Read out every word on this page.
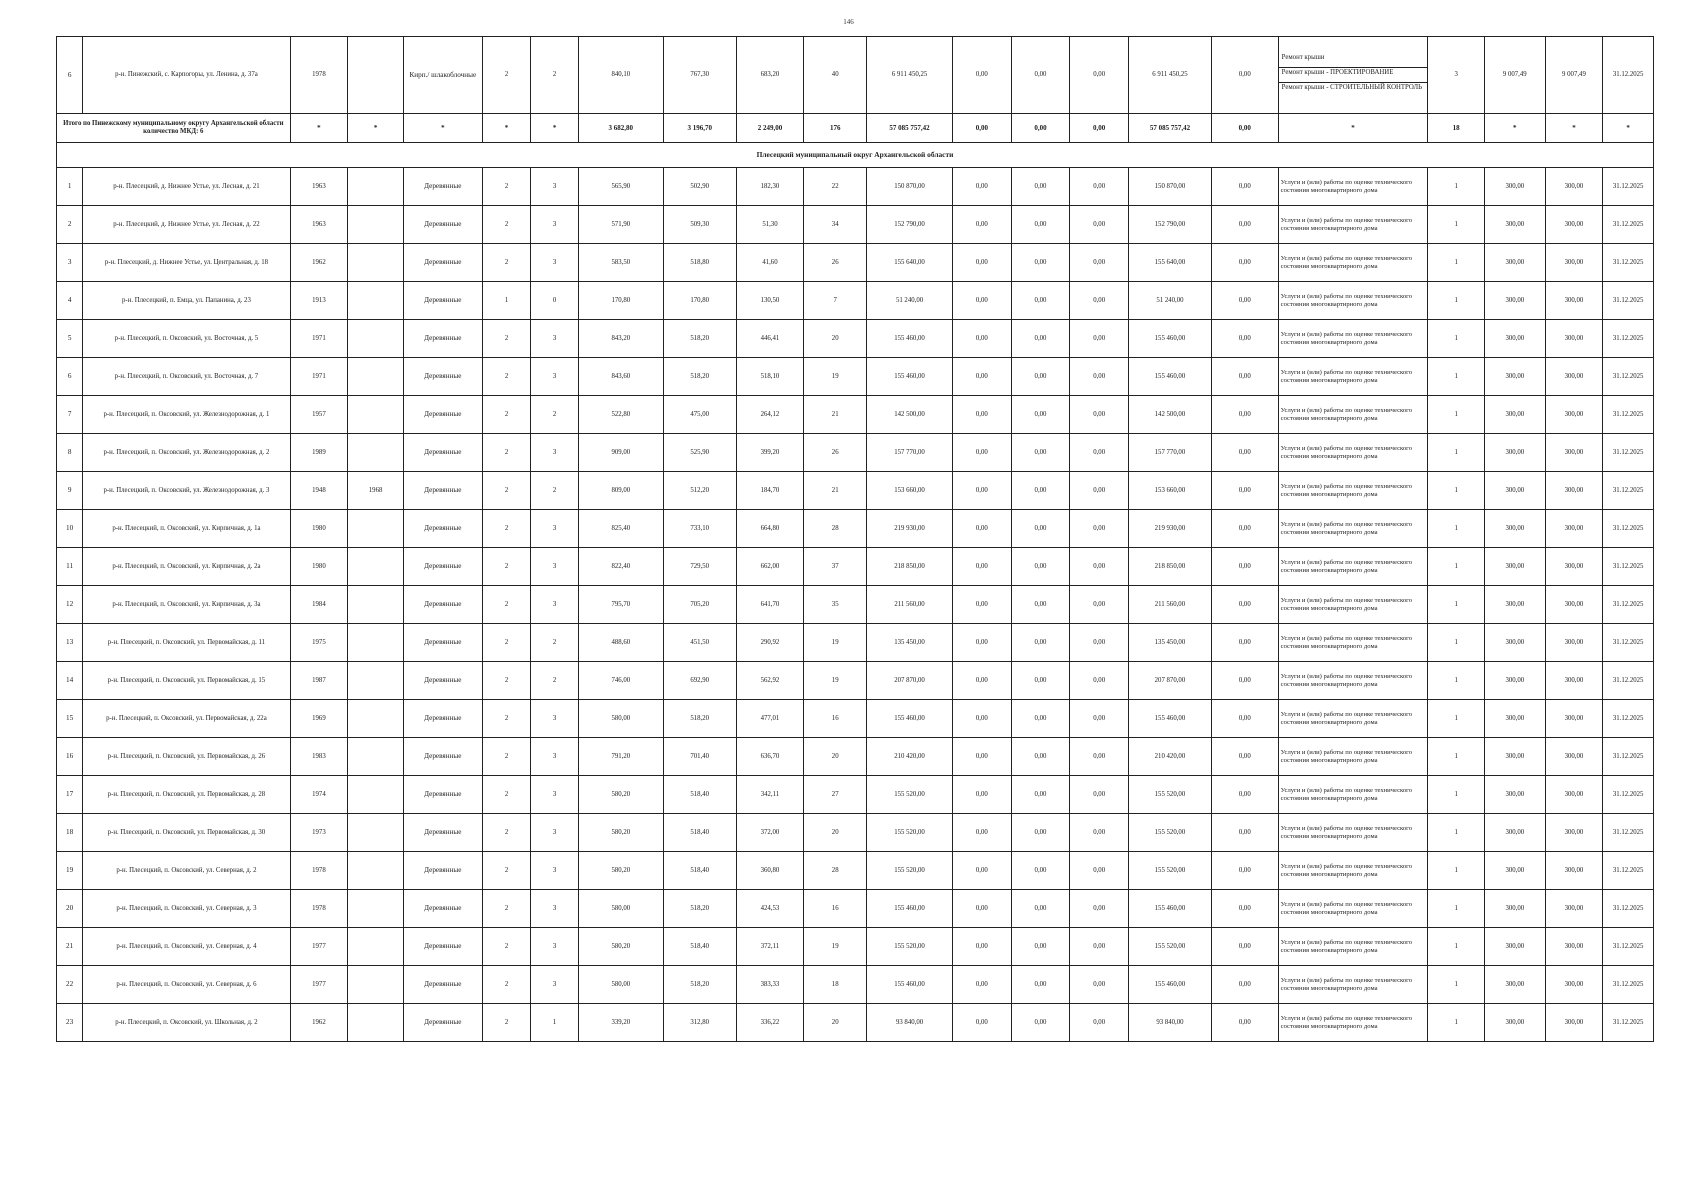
146
6	р-н. Пинежский, с. Карпогоры, ул. Ленина, д. 37а	1978		Кирп./ шлакоблочные	2	2	840,10	767,30	683,20	40	6 911 450,25	0,00	0,00	0,00	6 911 450,25	0,00	Ремонт крыши
Ремонт крыши - ПРОЕКТИРОВАНИЕ
Ремонт крыши - СТРОИТЕЛЬНЫЙ КОНТРОЛЬ	3	9 007,49	9 007,49	31.12.2025
Итого по Пинежскому муниципальному округу Архангельской области количество МКД: 6		*	*	*	*	*	3 682,80	3 196,70	2 249,00	176	57 085 757,42	0,00	0,00	0,00	57 085 757,42	0,00	*	18	*	*	*
Плесецкий муниципальный округ Архангельской области																					
1	р-н. Плесецкий, д. Нижнее Устье, ул. Лесная, д. 21	1963		Деревянные	2	3	565,90	502,90	182,30	22	150 870,00	0,00	0,00	0,00	150 870,00	0,00	Услуги и (или) работы по оценке технического состояния многоквартирного дома	1	300,00	300,00	31.12.2025
2	р-н. Плесецкий, д. Нижнее Устье, ул. Лесная, д. 22	1963		Деревянные	2	3	571,90	509,30	51,30	34	152 790,00	0,00	0,00	0,00	152 790,00	0,00	Услуги и (или) работы по оценке технического состояния многоквартирного дома	1	300,00	300,00	31.12.2025
3	р-н. Плесецкий, д. Нижнее Устье, ул. Центральная, д. 18	1962		Деревянные	2	3	583,50	518,80	41,60	26	155 640,00	0,00	0,00	0,00	155 640,00	0,00	Услуги и (или) работы по оценке технического состояния многоквартирного дома	1	300,00	300,00	31.12.2025
4	р-н. Плесецкий, п. Емца, ул. Папанина, д. 23	1913		Деревянные	1	0	170,80	170,80	130,50	7	51 240,00	0,00	0,00	0,00	51 240,00	0,00	Услуги и (или) работы по оценке технического состояния многоквартирного дома	1	300,00	300,00	31.12.2025
5	р-н. Плесецкий, п. Оксовский, ул. Восточная, д. 5	1971		Деревянные	2	3	843,20	518,20	446,41	20	155 460,00	0,00	0,00	0,00	155 460,00	0,00	Услуги и (или) работы по оценке технического состояния многоквартирного дома	1	300,00	300,00	31.12.2025
6	р-н. Плесецкий, п. Оксовский, ул. Восточная, д. 7	1971		Деревянные	2	3	843,60	518,20	518,10	19	155 460,00	0,00	0,00	0,00	155 460,00	0,00	Услуги и (или) работы по оценке технического состояния многоквартирного дома	1	300,00	300,00	31.12.2025
7	р-н. Плесецкий, п. Оксовский, ул. Железнодорожная, д. 1	1957		Деревянные	2	2	522,80	475,00	264,12	21	142 500,00	0,00	0,00	0,00	142 500,00	0,00	Услуги и (или) работы по оценке технического состояния многоквартирного дома	1	300,00	300,00	31.12.2025
8	р-н. Плесецкий, п. Оксовский, ул. Железнодорожная, д. 2	1989		Деревянные	2	3	909,00	525,90	399,20	26	157 770,00	0,00	0,00	0,00	157 770,00	0,00	Услуги и (или) работы по оценке технического состояния многоквартирного дома	1	300,00	300,00	31.12.2025
9	р-н. Плесецкий, п. Оксовский, ул. Железнодорожная, д. 3	1948	1968	Деревянные	2	2	809,00	512,20	184,70	21	153 660,00	0,00	0,00	0,00	153 660,00	0,00	Услуги и (или) работы по оценке технического состояния многоквартирного дома	1	300,00	300,00	31.12.2025
10	р-н. Плесецкий, п. Оксовский, ул. Кирпичная, д. 1а	1980		Деревянные	2	3	825,40	733,10	664,80	28	219 930,00	0,00	0,00	0,00	219 930,00	0,00	Услуги и (или) работы по оценке технического состояния многоквартирного дома	1	300,00	300,00	31.12.2025
11	р-н. Плесецкий, п. Оксовский, ул. Кирпичная, д. 2а	1980		Деревянные	2	3	822,40	729,50	662,00	37	218 850,00	0,00	0,00	0,00	218 850,00	0,00	Услуги и (или) работы по оценке технического состояния многоквартирного дома	1	300,00	300,00	31.12.2025
12	р-н. Плесецкий, п. Оксовский, ул. Кирпичная, д. 3а	1984		Деревянные	2	3	795,70	705,20	641,70	35	211 560,00	0,00	0,00	0,00	211 560,00	0,00	Услуги и (или) работы по оценке технического состояния многоквартирного дома	1	300,00	300,00	31.12.2025
13	р-н. Плесецкий, п. Оксовский, ул. Первомайская, д. 11	1975		Деревянные	2	2	488,60	451,50	290,92	19	135 450,00	0,00	0,00	0,00	135 450,00	0,00	Услуги и (или) работы по оценке технического состояния многоквартирного дома	1	300,00	300,00	31.12.2025
14	р-н. Плесецкий, п. Оксовский, ул. Первомайская, д. 15	1987		Деревянные	2	2	746,00	692,90	562,92	19	207 870,00	0,00	0,00	0,00	207 870,00	0,00	Услуги и (или) работы по оценке технического состояния многоквартирного дома	1	300,00	300,00	31.12.2025
15	р-н. Плесецкий, п. Оксовский, ул. Первомайская, д. 22а	1969		Деревянные	2	3	580,00	518,20	477,01	16	155 460,00	0,00	0,00	0,00	155 460,00	0,00	Услуги и (или) работы по оценке технического состояния многоквартирного дома	1	300,00	300,00	31.12.2025
16	р-н. Плесецкий, п. Оксовский, ул. Первомайская, д. 26	1983		Деревянные	2	3	791,20	701,40	636,70	20	210 420,00	0,00	0,00	0,00	210 420,00	0,00	Услуги и (или) работы по оценке технического состояния многоквартирного дома	1	300,00	300,00	31.12.2025
17	р-н. Плесецкий, п. Оксовский, ул. Первомайская, д. 28	1974		Деревянные	2	3	580,20	518,40	342,11	27	155 520,00	0,00	0,00	0,00	155 520,00	0,00	Услуги и (или) работы по оценке технического состояния многоквартирного дома	1	300,00	300,00	31.12.2025
18	р-н. Плесецкий, п. Оксовский, ул. Первомайская, д. 30	1973		Деревянные	2	3	580,20	518,40	372,00	20	155 520,00	0,00	0,00	0,00	155 520,00	0,00	Услуги и (или) работы по оценке технического состояния многоквартирного дома	1	300,00	300,00	31.12.2025
19	р-н. Плесецкий, п. Оксовский, ул. Северная, д. 2	1978		Деревянные	2	3	580,20	518,40	360,80	28	155 520,00	0,00	0,00	0,00	155 520,00	0,00	Услуги и (или) работы по оценке технического состояния многоквартирного дома	1	300,00	300,00	31.12.2025
20	р-н. Плесецкий, п. Оксовский, ул. Северная, д. 3	1978		Деревянные	2	3	580,00	518,20	424,53	16	155 460,00	0,00	0,00	0,00	155 460,00	0,00	Услуги и (или) работы по оценке технического состояния многоквартирного дома	1	300,00	300,00	31.12.2025
21	р-н. Плесецкий, п. Оксовский, ул. Северная, д. 4	1977		Деревянные	2	3	580,20	518,40	372,11	19	155 520,00	0,00	0,00	0,00	155 520,00	0,00	Услуги и (или) работы по оценке технического состояния многоквартирного дома	1	300,00	300,00	31.12.2025
22	р-н. Плесецкий, п. Оксовский, ул. Северная, д. 6	1977		Деревянные	2	3	580,00	518,20	383,33	18	155 460,00	0,00	0,00	0,00	155 460,00	0,00	Услуги и (или) работы по оценке технического состояния многоквартирного дома	1	300,00	300,00	31.12.2025
23	р-н. Плесецкий, п. Оксовский, ул. Школьная, д. 2	1962		Деревянные	2	1	339,20	312,80	336,22	20	93 840,00	0,00	0,00	0,00	93 840,00	0,00	Услуги и (или) работы по оценке технического состояния многоквартирного дома	1	300,00	300,00	31.12.2025
